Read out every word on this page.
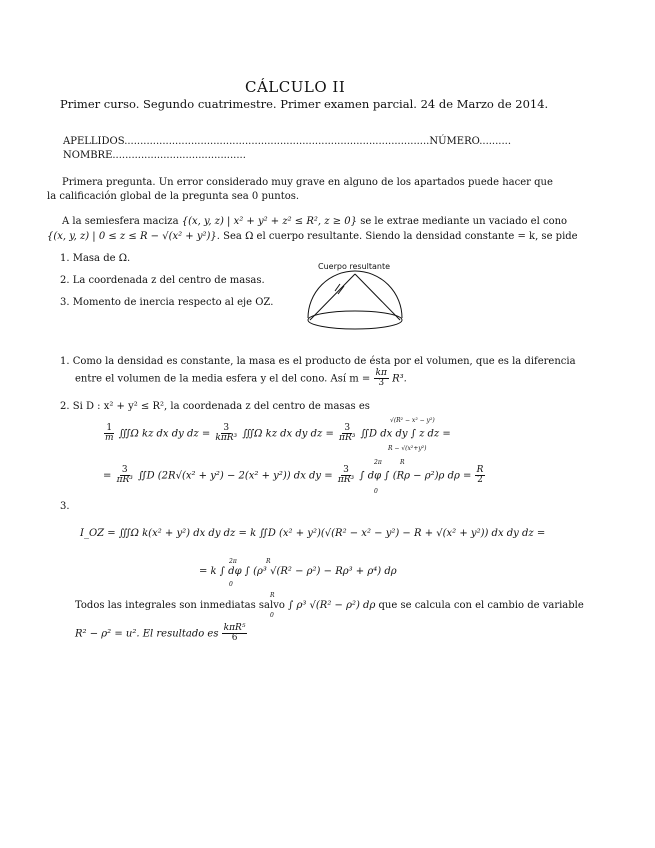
CÁLCULO II
Primer curso. Segundo cuatrimestre. Primer examen parcial. 24 de Marzo de 2014.
APELLIDOS................................................................................................NÚMERO..........
NOMBRE..........................................
Primera pregunta. Un error considerado muy grave en alguno de los apartados puede hacer que
la calificación global de la pregunta sea 0 puntos.
A la semiesfera maciza {(x, y, z) | x² + y² + z² ≤ R², z ≥ 0} se le extrae mediante un vaciado el cono
{(x, y, z) | 0 ≤ z ≤ R − √(x² + y²)}. Sea Ω el cuerpo resultante. Siendo la densidad constante = k, se pide
1. Masa de Ω.
2. La coordenada z del centro de masas.
3. Momento de inercia respecto al eje OZ.
Cuerpo resultante
1. Como la densidad es constante, la masa es el producto de ésta por el volumen, que es la diferencia
entre el volumen de la media esfera y el del cono. Así $m = \frac{k\pi}{3} R^3$.
2. Si D : x² + y² ≤ R², la coordenada z del centro de masas es
$\frac{1}{m}$ ∭Ω kz dx dy dz = $\frac{3}{\text{kπR³}}$ ∭Ω kz dx dy dz = $\frac{3}{\text{πR³}}$ ∬D dx dy ∫ z dz =
√(R² − x² − y²)
R − √(x²+y²)
= $\frac{3}{\text{πR³}}$ ∬D (2R√(x² + y²) − 2(x² + y²)) dx dy = $\frac{3}{\text{πR³}}$ ∫ dφ ∫ (Rρ − ρ²)ρ $d\rho = \frac{R}{2}$
2π	R
0
3.
I_OZ = ∭Ω k(x² + y²) dx dy dz = k ∬D (x² + y²)(√(R² − x² − y²) − R + √(x² + y²)) dx dy dz =
= k ∫ dφ ∫ (ρ³ √(R² − ρ²) − Rρ³ + ρ⁴) dρ
2π	R
0
Todos las integrales son inmediatas salvo ∫ ρ³ √(R² − ρ²) dρ que se calcula con el cambio de variable
R
0
R² − ρ² = u². El resultado es $\frac{\text{kπR⁵}}{6}$
